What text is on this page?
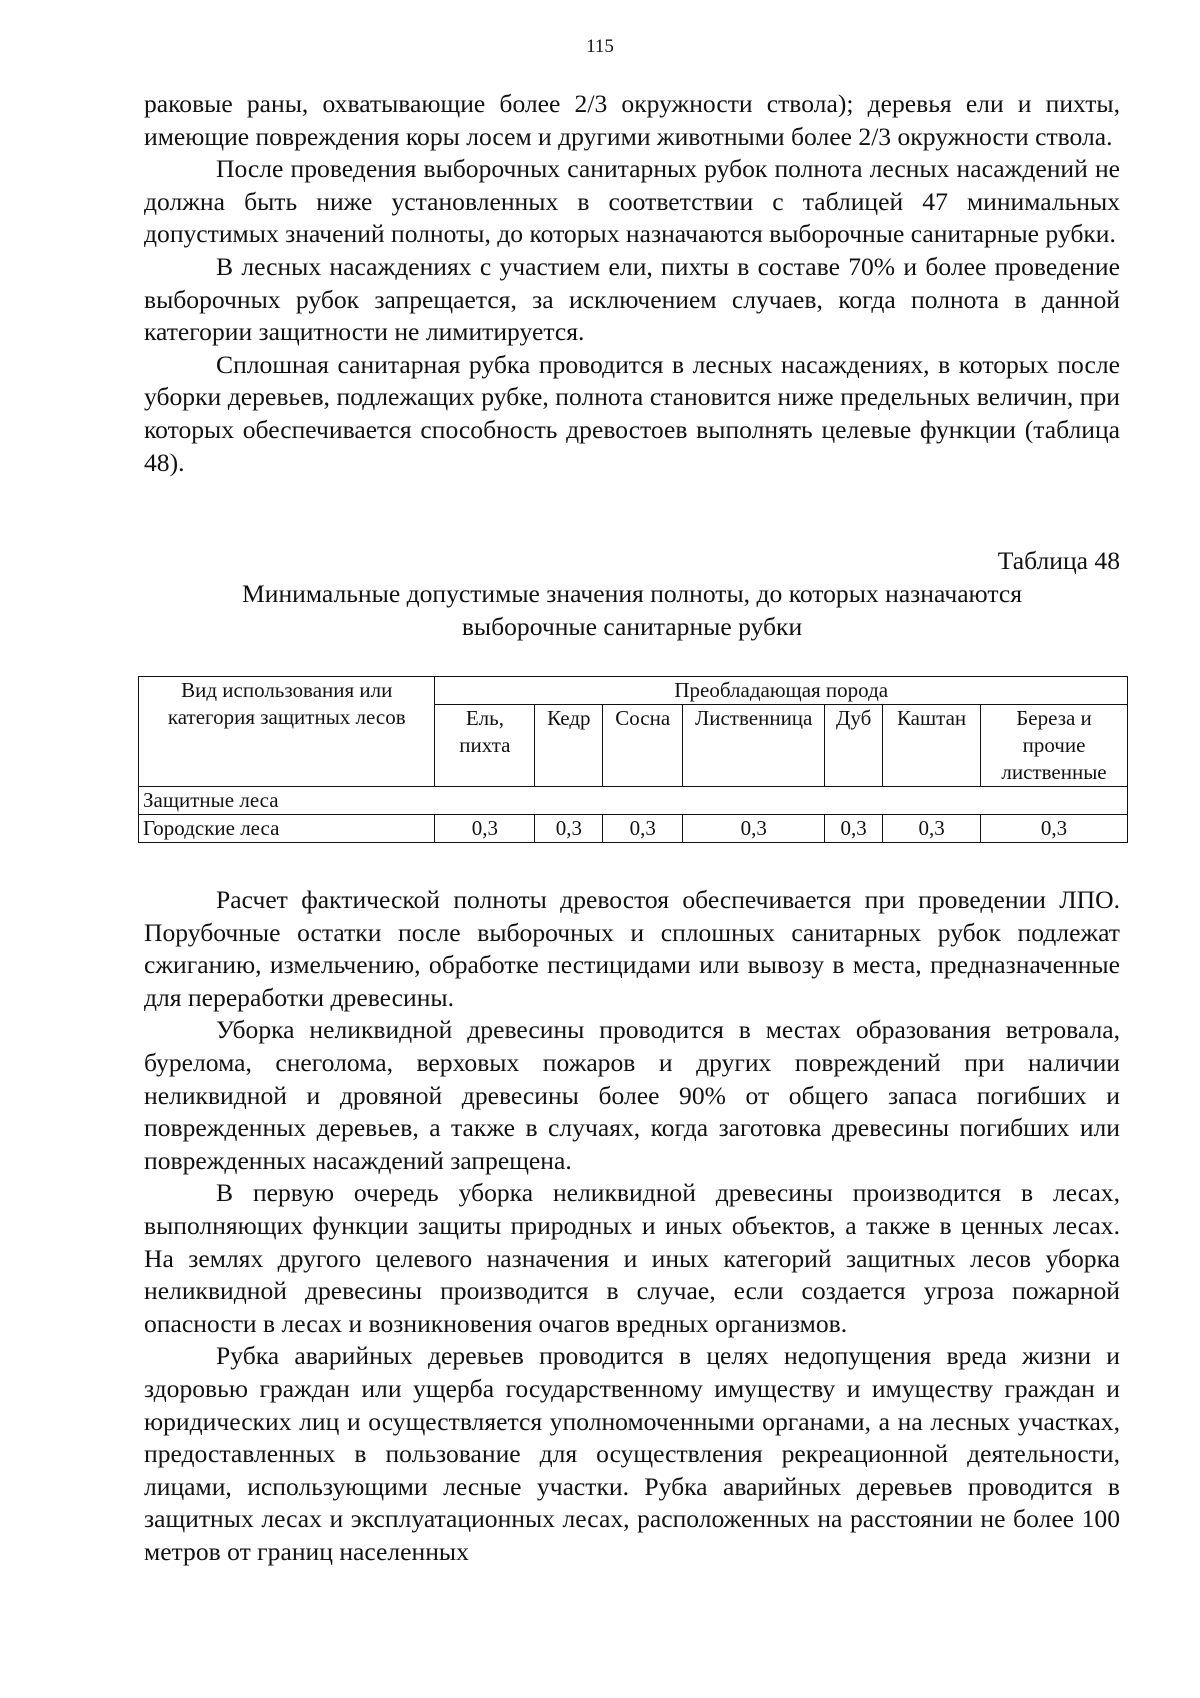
115

раковые раны, охватывающие более 2/3 окружности ствола); деревья ели и пихты, имеющие повреждения коры лосем и другими животными более 2/3 окружности ствола.

После проведения выборочных санитарных рубок полнота лесных насаждений не должна быть ниже установленных в соответствии с таблицей 47 минимальных допустимых значений полноты, до которых назначаются выборочные санитарные рубки.

В лесных насаждениях с участием ели, пихты в составе 70% и более проведение выборочных рубок запрещается, за исключением случаев, когда полнота в данной категории защитности не лимитируется.

Сплошная санитарная рубка проводится в лесных насаждениях, в которых после уборки деревьев, подлежащих рубке, полнота становится ниже предельных величин, при которых обеспечивается способность древостоев выполнять целевые функции (таблица 48).

Таблица 48
Минимальные допустимые значения полноты, до которых назначаются
выборочные санитарные рубки
Вид использования или
категория защитных лесов	Преобладающая порода						
	Ель, пихта	Кедр	Сосна	Лиственница	Дуб	Каштан	Береза и прочие лиственные
Защитные леса							
Городские леса	0,3	0,3	0,3	0,3	0,3	0,3	0,3

Расчет фактической полноты древостоя обеспечивается при проведении ЛПО. Порубочные остатки после выборочных и сплошных санитарных рубок подлежат сжиганию, измельчению, обработке пестицидами или вывозу в места, предназначенные для переработки древесины.

Уборка неликвидной древесины проводится в местах образования ветровала, бурелома, снеголома, верховых пожаров и других повреждений при наличии неликвидной и дровяной древесины более 90% от общего запаса погибших и поврежденных деревьев, а также в случаях, когда заготовка древесины погибших или поврежденных насаждений запрещена.

В первую очередь уборка неликвидной древесины производится в лесах, выполняющих функции защиты природных и иных объектов, а также в ценных лесах. На землях другого целевого назначения и иных категорий защитных лесов уборка неликвидной древесины производится в случае, если создается угроза пожарной опасности в лесах и возникновения очагов вредных организмов.

Рубка аварийных деревьев проводится в целях недопущения вреда жизни и здоровью граждан или ущерба государственному имуществу и имуществу граждан и юридических лиц и осуществляется уполномоченными органами, а на лесных участках, предоставленных в пользование для осуществления рекреационной деятельности, лицами, использующими лесные участки. Рубка аварийных деревьев проводится в защитных лесах и эксплуатационных лесах, расположенных на расстоянии не более 100 метров от границ населенных
